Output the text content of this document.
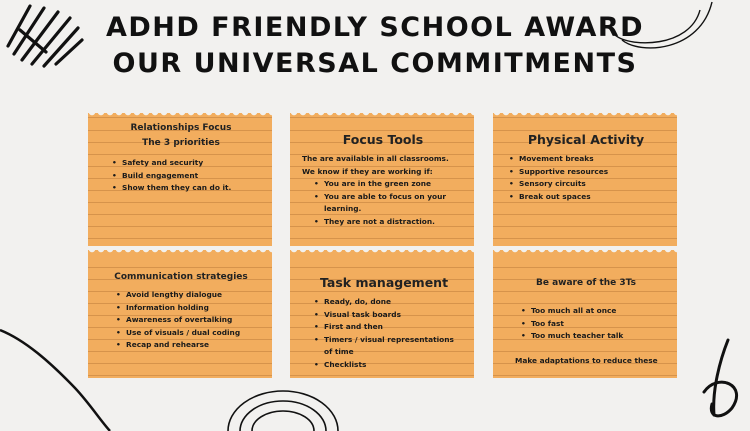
ADHD FRIENDLY SCHOOL AWARD
OUR UNIVERSAL COMMITMENTS
Relationships Focus
The 3 priorities
• Safety and security
• Build engagement
• Show them they can do it.
Focus Tools

The are available in all classrooms. We know if they are working if:

• You are in the green zone
• You are able to focus on your learning.
• They are not a distraction.
Physical Activity
• Movement breaks
• Supportive resources
• Sensory circuits
• Break out spaces
Communication strategies
• Avoid lengthy dialogue
• Information holding
• Awareness of overtalking
• Use of visuals / dual coding
• Recap and rehearse
Task management
• Ready, do, done
• Visual task boards
• First and then
• Timers / visual representations of time
• Checklists
Be aware of the 3Ts
• Too much all at once
• Too fast
• Too much teacher talk

Make adaptations to reduce these
